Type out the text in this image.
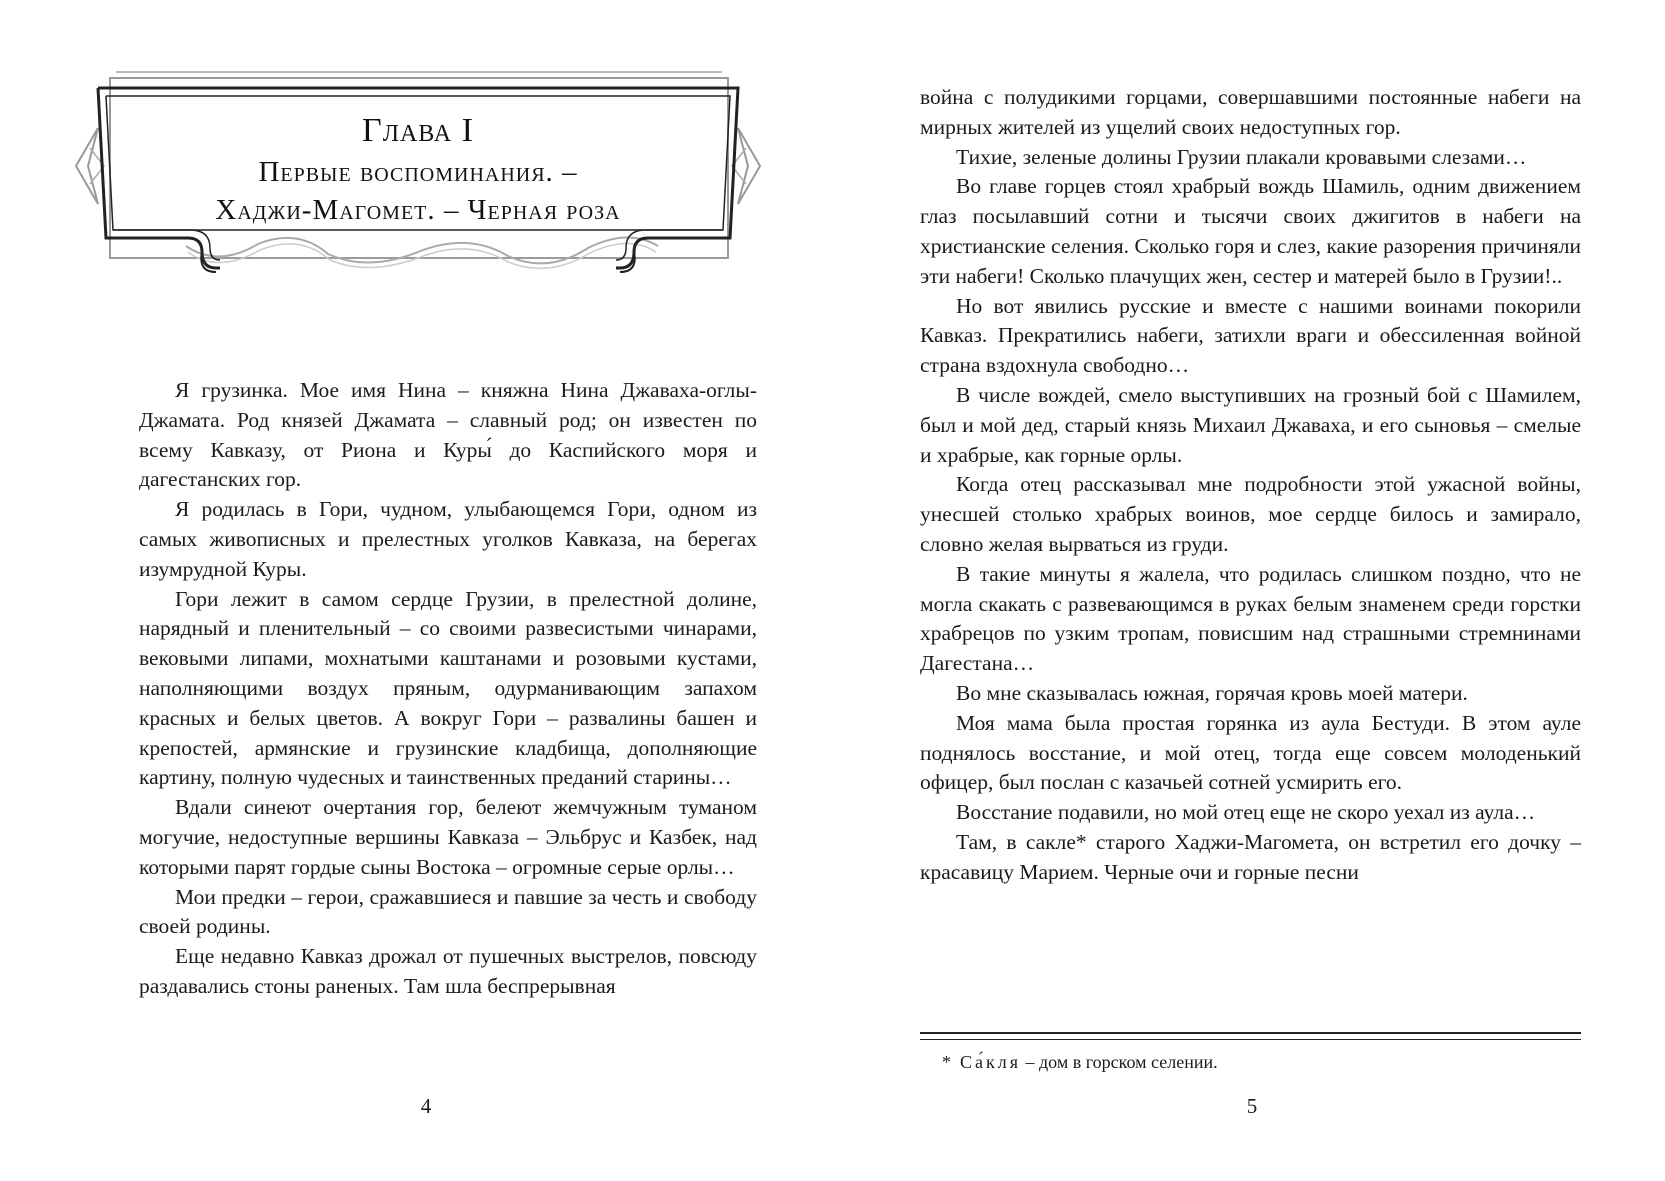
Глава I
Первые воспоминания. –
Хаджи-Магомет. – Черная роза

Я грузинка. Мое имя Нина – княжна Нина Джаваха-оглы-Джамата. Род князей Джамата – славный род; он известен по всему Кавказу, от Риона и Куры́ до Каспийского моря и дагестанских гор.

Я родилась в Гори, чудном, улыбающемся Гори, одном из самых живописных и прелестных уголков Кавказа, на берегах изумрудной Куры.

Гори лежит в самом сердце Грузии, в прелестной долине, нарядный и пленительный – со своими развесистыми чинарами, вековыми липами, мохнатыми каштанами и розовыми кустами, наполняющими воздух пряным, одурманивающим запахом красных и белых цветов. А вокруг Гори – развалины башен и крепостей, армянские и грузинские кладбища, дополняющие картину, полную чудесных и таинственных преданий старины…

Вдали синеют очертания гор, белеют жемчужным туманом могучие, недоступные вершины Кавказа – Эльбрус и Казбек, над которыми парят гордые сыны Востока – огромные серые орлы…

Мои предки – герои, сражавшиеся и павшие за честь и свободу своей родины.

Еще недавно Кавказ дрожал от пушечных выстрелов, повсюду раздавались стоны раненых. Там шла беспрерывная

4

война с полудикими горцами, совершавшими постоянные набеги на мирных жителей из ущелий своих недоступных гор.

Тихие, зеленые долины Грузии плакали кровавыми слезами…

Во главе горцев стоял храбрый вождь Шамиль, одним движением глаз посылавший сотни и тысячи своих джигитов в набеги на христианские селения. Сколько горя и слез, какие разорения причиняли эти набеги! Сколько плачущих жен, сестер и матерей было в Грузии!..

Но вот явились русские и вместе с нашими воинами покорили Кавказ. Прекратились набеги, затихли враги и обессиленная войной страна вздохнула свободно…

В числе вождей, смело выступивших на грозный бой с Шамилем, был и мой дед, старый князь Михаил Джаваха, и его сыновья – смелые и храбрые, как горные орлы.

Когда отец рассказывал мне подробности этой ужасной войны, унесшей столько храбрых воинов, мое сердце билось и замирало, словно желая вырваться из груди.

В такие минуты я жалела, что родилась слишком поздно, что не могла скакать с развевающимся в руках белым знаменем среди горстки храбрецов по узким тропам, повисшим над страшными стремнинами Дагестана…

Во мне сказывалась южная, горячая кровь моей матери.

Моя мама была простая горянка из аула Бестуди. В этом ауле поднялось восстание, и мой отец, тогда еще совсем молоденький офицер, был послан с казачьей сотней усмирить его.

Восстание подавили, но мой отец еще не скоро уехал из аула…

Там, в сакле* старого Хаджи-Магомета, он встретил его дочку – красавицу Марием. Черные очи и горные песни

* Са́кля – дом в горском селении.
5
